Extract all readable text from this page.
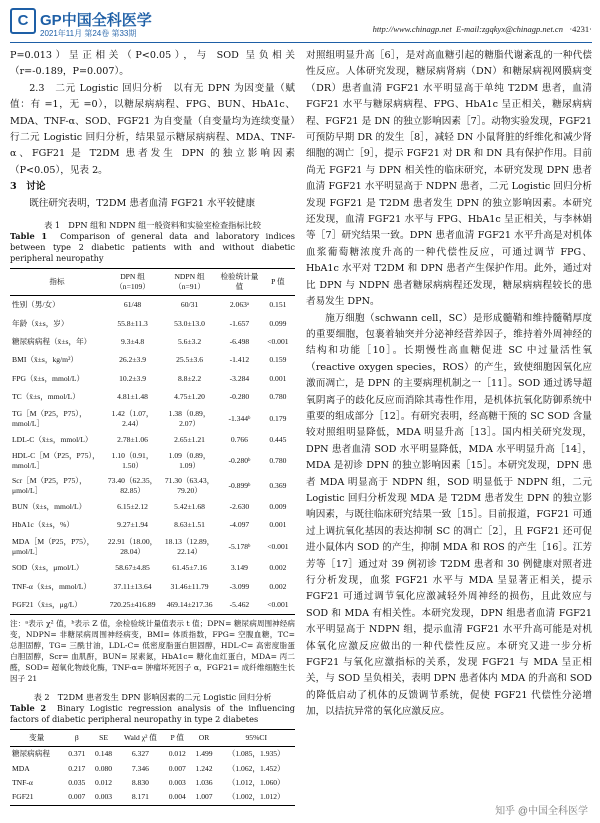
C GP中国全科医学
2021年11月 第24卷 第33期	http://www.chinagp.net E-mail:zgqkyx@chinagp.net.cn ·4231·

P=0.013）呈正相关（P<0.05），与 SOD 呈负相关（r=-0.189，P=0.007）。

2.3　二元 Logistic 回归分析　以有无 DPN 为因变量（赋值：有 =1，无 =0），以糖尿病病程、FPG、BUN、HbA1c、MDA、TNF-α、SOD、FGF21 为自变量（自变量均为连续变量）行二元 Logistic 回归分析，结果显示糖尿病病程、MDA、TNF-α、FGF21 是 T2DM 患者发生 DPN 的独立影响因素（P<0.05），见表 2。

3　讨论

既往研究表明，T2DM 患者血清 FGF21 水平较健康

表 1　DPN 组和 NDPN 组一般资料和实验室检查指标比较
Table 1 Comparison of general data and laboratory indices between type 2 diabetic patients with and without diabetic peripheral neuropathy
指标	DPN 组（n=109）	NDPN 组（n=91）	检验统计量值	P 值
性别（男/女）	61/48	60/31	2.063ᵃ	0.151
年龄（x̄±s，岁）	55.8±11.3	53.0±13.0	-1.657	0.099
糖尿病病程（x̄±s，年）	9.3±4.8	5.6±3.2	-6.498	<0.001
BMI（x̄±s，kg/m²）	26.2±3.9	25.5±3.6	-1.412	0.159
FPG（x̄±s，mmol/L）	10.2±3.9	8.8±2.2	-3.284	0.001
TC（x̄±s，mmol/L）	4.81±1.48	4.75±1.20	-0.280	0.780
TG［M（P25，P75），mmol/L］	1.42（1.07，2.44）	1.38（0.89，2.07）	-1.344ᵇ	0.179
LDL-C（x̄±s，mmol/L）	2.78±1.06	2.65±1.21	0.766	0.445
HDL-C［M（P25，P75），mmol/L］	1.10（0.91，1.50）	1.09（0.89，1.09）	-0.280ᵇ	0.780
Scr［M（P25，P75），μmol/L］	73.40（62.35，82.85）	71.30（63.43，79.20）	-0.899ᵇ	0.369
BUN（x̄±s，mmol/L）	6.15±2.12	5.42±1.68	-2.630	0.009
HbA1c（x̄±s，%）	9.27±1.94	8.63±1.51	-4.097	0.001
MDA［M（P25，P75），μmol/L］	22.91（18.00，28.04）	18.13（12.89，22.14）	-5.178ᵇ	<0.001
SOD（x̄±s，μmol/L）	58.67±4.85	61.45±7.16	3.149	0.002
TNF-α（x̄±s，mmol/L）	37.11±13.64	31.46±11.79	-3.099	0.002
FGF21（x̄±s，μg/L）	720.25±416.89	469.14±217.36	-5.462	<0.001
注：ᵃ表示 χ² 值，ᵇ表示 Z 值，余检验统计量值表示 t 值；DPN= 糖尿病周围神经病变，NDPN= 非糖尿病周围神经病变，BMI= 体质指数，FPG= 空腹血糖，TC= 总胆固醇，TG= 三酰甘油，LDL-C= 低密度脂蛋白胆固醇，HDL-C= 高密度脂蛋白胆固醇，Scr= 血肌酐，BUN= 尿素氮，HbA1c= 糖化血红蛋白，MDA= 丙二醛，SOD= 超氧化物歧化酶，TNF-α= 肿瘤坏死因子 α，FGF21= 成纤维细胞生长因子 21
表 2　T2DM 患者发生 DPN 影响因素的二元 Logistic 回归分析
Table 2 Binary Logistic regression analysis of the influencing factors of diabetic peripheral neuropathy in type 2 diabetes
变量	β	SE	Wald χ² 值	P 值	OR	95%CI
糖尿病病程	0.371	0.148	6.327	0.012	1.499	（1.085，1.935）
MDA	0.217	0.080	7.346	0.007	1.242	（1.062，1.452）
TNF-α	0.035	0.012	8.830	0.003	1.036	（1.012，1.060）
FGF21	0.007	0.003	8.171	0.004	1.007	（1.002，1.012）

对照组明显升高［6］，是对高血糖引起的糖脂代谢紊乱的一种代偿性反应。人体研究发现，糖尿病肾病（DN）和糖尿病视网膜病变（DR）患者血清 FGF21 水平明显高于单纯 T2DM 患者，血清 FGF21 水平与糖尿病病程、FPG、HbA1c 呈正相关，糖尿病病程、FGF21 是 DN 的独立影响因素［7］。动物实验发现，FGF21 可预防早期 DR 的发生［8］，减轻 DN 小鼠肾脏的纤维化和减少肾细胞的凋亡［9］，提示 FGF21 对 DR 和 DN 具有保护作用。目前尚无 FGF21 与 DPN 相关性的临床研究，本研究发现 DPN 患者血清 FGF21 水平明显高于 NDPN 患者，二元 Logistic 回归分析发现 FGF21 是 T2DM 患者发生 DPN 的独立影响因素。本研究还发现，血清 FGF21 水平与 FPG、HbA1c 呈正相关，与李林娟等［7］研究结果一致。DPN 患者血清 FGF21 水平升高是对机体血浆葡萄糖浓度升高的一种代偿性反应，可通过调节 FPG、HbA1c 水平对 T2DM 和 DPN 患者产生保护作用。此外，通过对比 DPN 与 NDPN 患者糖尿病病程还发现，糖尿病病程较长的患者易发生 DPN。

施万细胞（schwann cell，SC）是形成髓鞘和维持髓鞘厚度的重要细胞，包裹着轴突并分泌神经营养因子，维持着外周神经的结构和功能［10］。长期慢性高血糖促进 SC 中过量活性氧（reactive oxygen species，ROS）的产生，致使细胞因氧化应激而凋亡，是 DPN 的主要病理机制之一［11］。SOD 通过诱导超氧阴离子的歧化反应而消除其毒性作用，是机体抗氧化防御系统中重要的组成部分［12］。有研究表明，经高糖干预的 SC SOD 含量较对照组明显降低，MDA 明显升高［13］。国内相关研究发现，DPN 患者血清 SOD 水平明显降低，MDA 水平明显升高［14］，MDA 是初诊 DPN 的独立影响因素［15］。本研究发现，DPN 患者 MDA 明显高于 NDPN 组，SOD 明显低于 NDPN 组，二元 Logistic 回归分析发现 MDA 是 T2DM 患者发生 DPN 的独立影响因素，与既往临床研究结果一致［15］。目前报道，FGF21 可通过上调抗氧化基因的表达抑制 SC 的凋亡［2］，且 FGF21 还可促进小鼠体内 SOD 的产生，抑制 MDA 和 ROS 的产生［16］。江芳芳等［17］通过对 39 例初诊 T2DM 患者和 30 例健康对照者进行分析发现，血浆 FGF21 水平与 MDA 呈显著正相关，提示 FGF21 可通过调节氧化应激减轻外周神经的损伤，且此效应与 SOD 和 MDA 有相关性。本研究发现，DPN 组患者血清 FGF21 水平明显高于 NDPN 组，提示血清 FGF21 水平升高可能是对机体氧化应激反应做出的一种代偿性反应。本研究又进一步分析 FGF21 与氧化应激指标的关系，发现 FGF21 与 MDA 呈正相关，与 SOD 呈负相关，表明 DPN 患者体内 MDA 的升高和 SOD 的降低启动了机体的反馈调节系统，促使 FGF21 代偿性分泌增加，以拮抗异常的氧化应激反应。

知乎 @中国全科医学
